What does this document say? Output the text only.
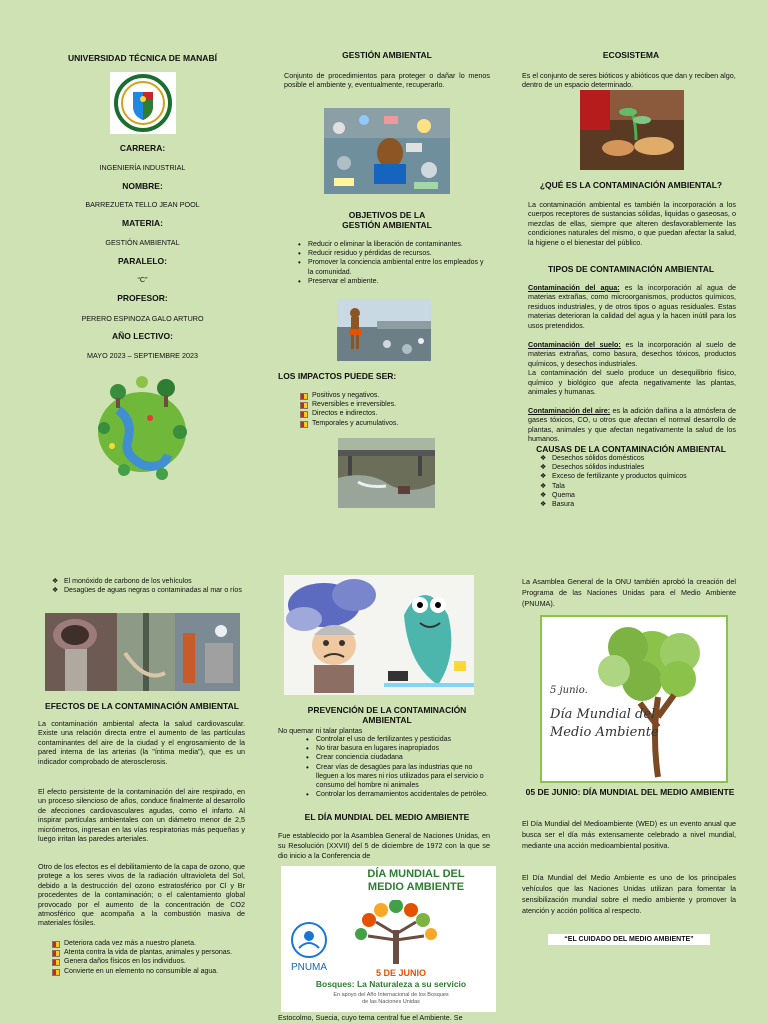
UNIVERSIDAD TÉCNICA DE MANABÍ
CARRERA:
INGENIERÍA INDUSTRIAL
NOMBRE:
BARREZUETA TELLO JEAN POOL
MATERIA:
GESTIÓN AMBIENTAL
PARALELO:
“C”
PROFESOR:
PERERO ESPINOZA GALO ARTURO
AÑO LECTIVO:
MAYO 2023 – SEPTIEMBRE 2023
GESTIÓN AMBIENTAL
Conjunto de procedimientos para proteger o dañar lo menos posible el ambiente y, eventualmente, recuperarlo.
OBJETIVOS DE LA
GESTIÓN AMBIENTAL
• Reducir o eliminar la liberación de contaminantes.
• Reducir residuo y pérdidas de recursos.
• Promover la conciencia ambiental entre los empleados y la comunidad.
• Preservar el ambiente.
LOS IMPACTOS PUEDE SER:
Positivos y negativos.
Reversibles e irreversibles.
Directos e indirectos.
Temporales y acumulativos.
ECOSISTEMA
Es el conjunto de seres bióticos y abióticos que dan y reciben algo, dentro de un espacio determinado.
¿QUÉ ES LA CONTAMINACIÓN AMBIENTAL?
La contaminación ambiental es también la incorporación a los cuerpos receptores de sustancias sólidas, liquidas o gaseosas, o mezclas de ellas, siempre que alteren desfavorablemente las condiciones naturales del mismo, o que puedan afectar la salud, la higiene o el bienestar del público.
TIPOS DE CONTAMINACIÓN AMBIENTAL
Contaminación del agua: es la incorporación al agua de materias extrañas, como microorganismos, productos químicos, residuos industriales, y de otros tipos o aguas residuales. Estas materias deterioran la calidad del agua y la hacen inútil para los usos pretendidos.
Contaminación del suelo: es la incorporación al suelo de materias extrañas, como basura, desechos tóxicos, productos químicos, y desechos industriales.
La contaminación del suelo produce un desequilibrio físico, químico y biológico que afecta negativamente las plantas, animales y humanas.
Contaminación del aire: es la adición dañina a la atmósfera de gases tóxicos, CO, u otros que afectan el normal desarrollo de plantas, animales y que afectan negativamente la salud de los humanos.
CAUSAS DE LA CONTAMINACIÓN AMBIENTAL
❖ Desechos sólidos domésticos
❖ Desechos sólidos industriales
❖ Exceso de fertilizante y productos químicos
❖ Tala
❖ Quema
❖ Basura
❖ El monóxido de carbono de los vehículos
❖ Desagües de aguas negras o contaminadas al mar o ríos
EFECTOS DE LA CONTAMINACIÓN AMBIENTAL
La contaminación ambiental afecta la salud cardiovascular. Existe una relación directa entre el aumento de las partículas contaminantes del aire de la ciudad y el engrosamiento de la pared interna de las arterias (la "íntima media"), que es un indicador comprobado de aterosclerosis.
El efecto persistente de la contaminación del aire respirado, en un proceso silencioso de años, conduce finalmente al desarrollo de afecciones cardiovasculares agudas, como el infarto. Al inspirar partículas ambientales con un diámetro menor de 2,5 micrómetros, ingresan en las vías respiratorias más pequeñas y luego irritan las paredes arteriales.
Otro de los efectos es el debilitamiento de la capa de ozono, que protege a los seres vivos de la radiación ultravioleta del Sol, debido a la destrucción del ozono estratosférico por Cl y Br procedentes de la contaminación; o el calentamiento global provocado por el aumento de la concentración de CO2 atmosférico que acompaña a la combustión masiva de materiales fósiles.
Deteriora cada vez más a nuestro planeta.
Atenta contra la vida de plantas, animales y personas.
Genera daños físicos en los individuos.
Convierte en un elemento no consumible al agua.
PREVENCIÓN DE LA CONTAMINACIÓN AMBIENTAL
No quemar ni talar plantas
• Controlar el uso de fertilizantes y pesticidas
• No tirar basura en lugares inapropiados
• Crear conciencia ciudadana
• Crear vías de desagües para las industrias que no lleguen a los mares ni ríos utilizados para el servicio o consumo del hombre ni animales
• Controlar los derramamientos accidentales de petróleo.
EL DÍA MUNDIAL DEL MEDIO AMBIENTE
Fue establecido por la Asamblea General de Naciones Unidas, en su Resolución (XXVII) del 5 de diciembre de 1972 con la que se dio inicio a la Conferencia de
DÍA MUNDIAL DEL
MEDIO AMBIENTE
PNUMA	5 DE JUNIO
Bosques: La Naturaleza a su servicio
En apoyo del Año Internacional de los Bosques
de las Naciones Unidas
Estocolmo, Suecia, cuyo tema central fue el Ambiente. Se
La Asamblea General de la ONU también aprobó la creación del Programa de las Naciones Unidas para el Medio Ambiente (PNUMA).
5 junio.
Día Mundial del
Medio Ambiente
05 DE JUNIO: DÍA MUNDIAL DEL MEDIO AMBIENTE
El Día Mundial del Medioambiente (WED) es un evento anual que busca ser el día más extensamente celebrado a nivel mundial, mediante una acción medioambiental positiva.
El Día Mundial del Medio Ambiente es uno de los principales vehículos que las Naciones Unidas utilizan para fomentar la sensibilización mundial sobre el medio ambiente y promover la atención y acción política al respecto.
“EL CUIDADO DEL MEDIO AMBIENTE”
